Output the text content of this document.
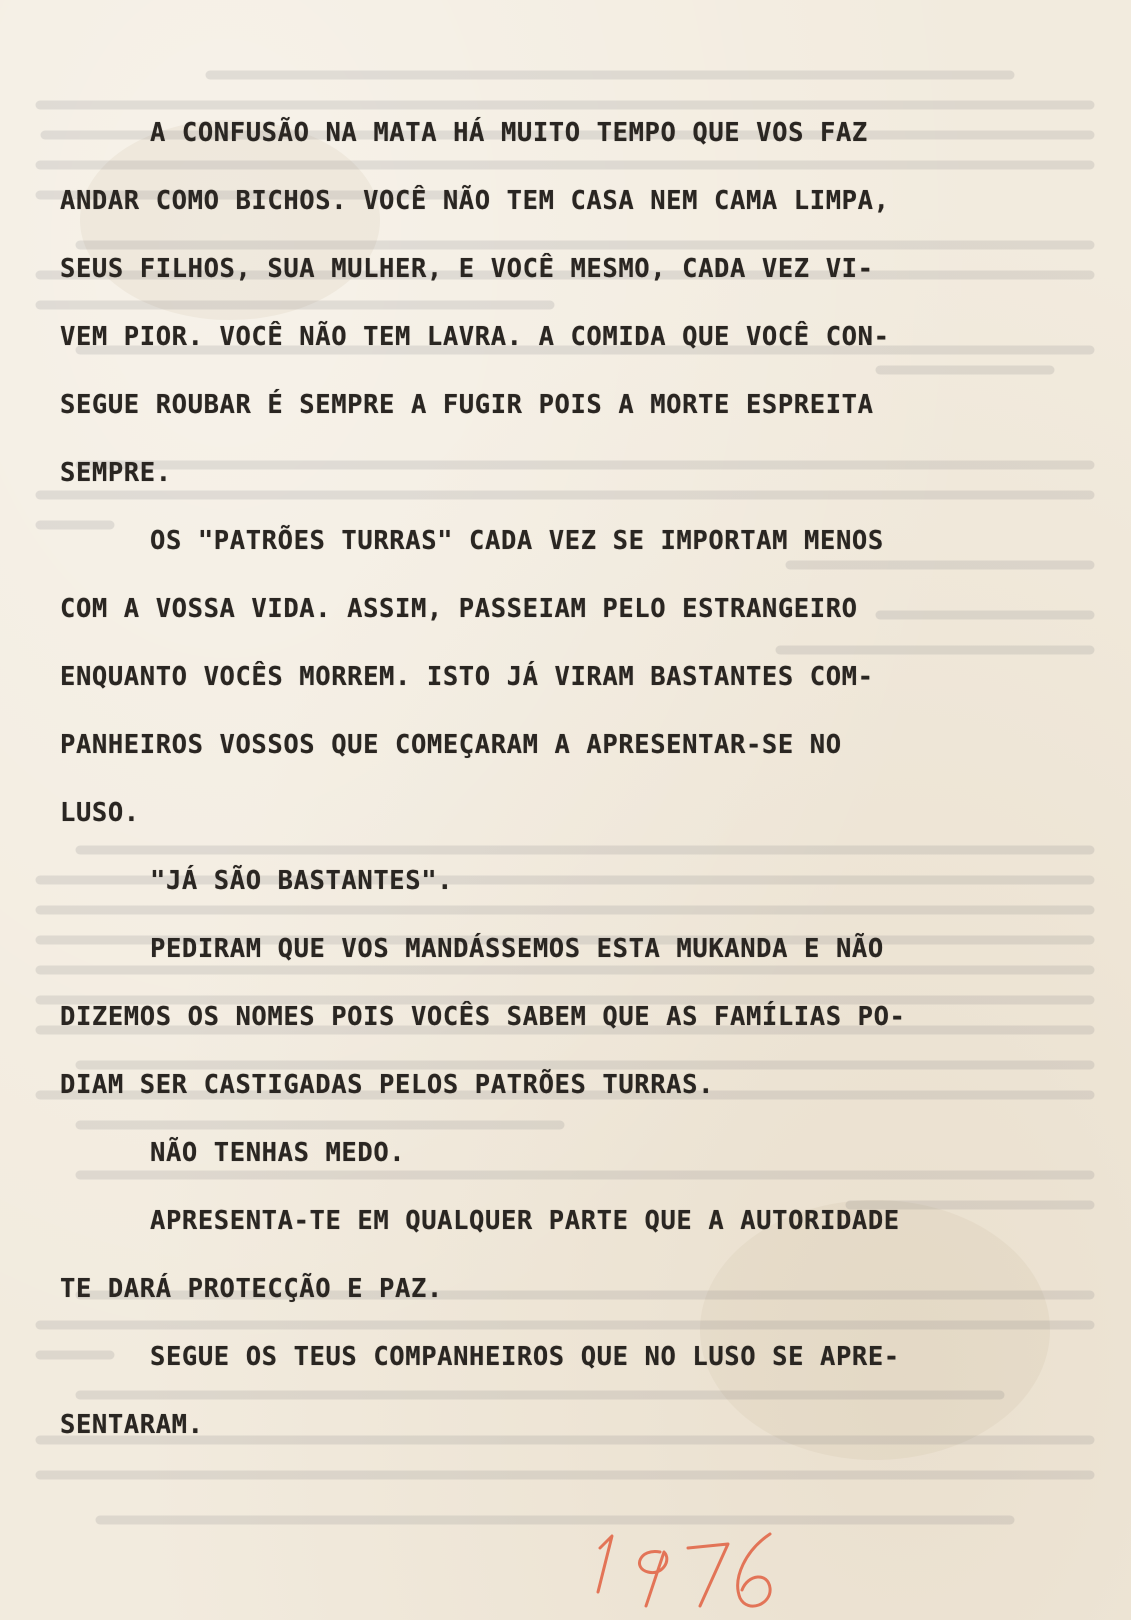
A CONFUSÃO NA MATA HÁ MUITO TEMPO QUE VOS FAZ

ANDAR COMO BICHOS. VOCÊ NÃO TEM CASA NEM CAMA LIMPA,

SEUS FILHOS, SUA MULHER, E VOCÊ MESMO, CADA VEZ VI-

VEM PIOR. VOCÊ NÃO TEM LAVRA. A COMIDA QUE VOCÊ CON-

SEGUE ROUBAR É SEMPRE A FUGIR POIS A MORTE ESPREITA

SEMPRE.

OS "PATRÕES TURRAS" CADA VEZ SE IMPORTAM MENOS

COM A VOSSA VIDA. ASSIM, PASSEIAM PELO ESTRANGEIRO

ENQUANTO VOCÊS MORREM. ISTO JÁ VIRAM BASTANTES COM-

PANHEIROS VOSSOS QUE COMEÇARAM A APRESENTAR-SE NO

LUSO.

"JÁ SÃO BASTANTES".

PEDIRAM QUE VOS MANDÁSSEMOS ESTA MUKANDA E NÃO

DIZEMOS OS NOMES POIS VOCÊS SABEM QUE AS FAMÍLIAS PO-

DIAM SER CASTIGADAS PELOS PATRÕES TURRAS.

NÃO TENHAS MEDO.

APRESENTA-TE EM QUALQUER PARTE QUE A AUTORIDADE

TE DARÁ PROTECÇÃO E PAZ.

SEGUE OS TEUS COMPANHEIROS QUE NO LUSO SE APRE-

SENTARAM.
